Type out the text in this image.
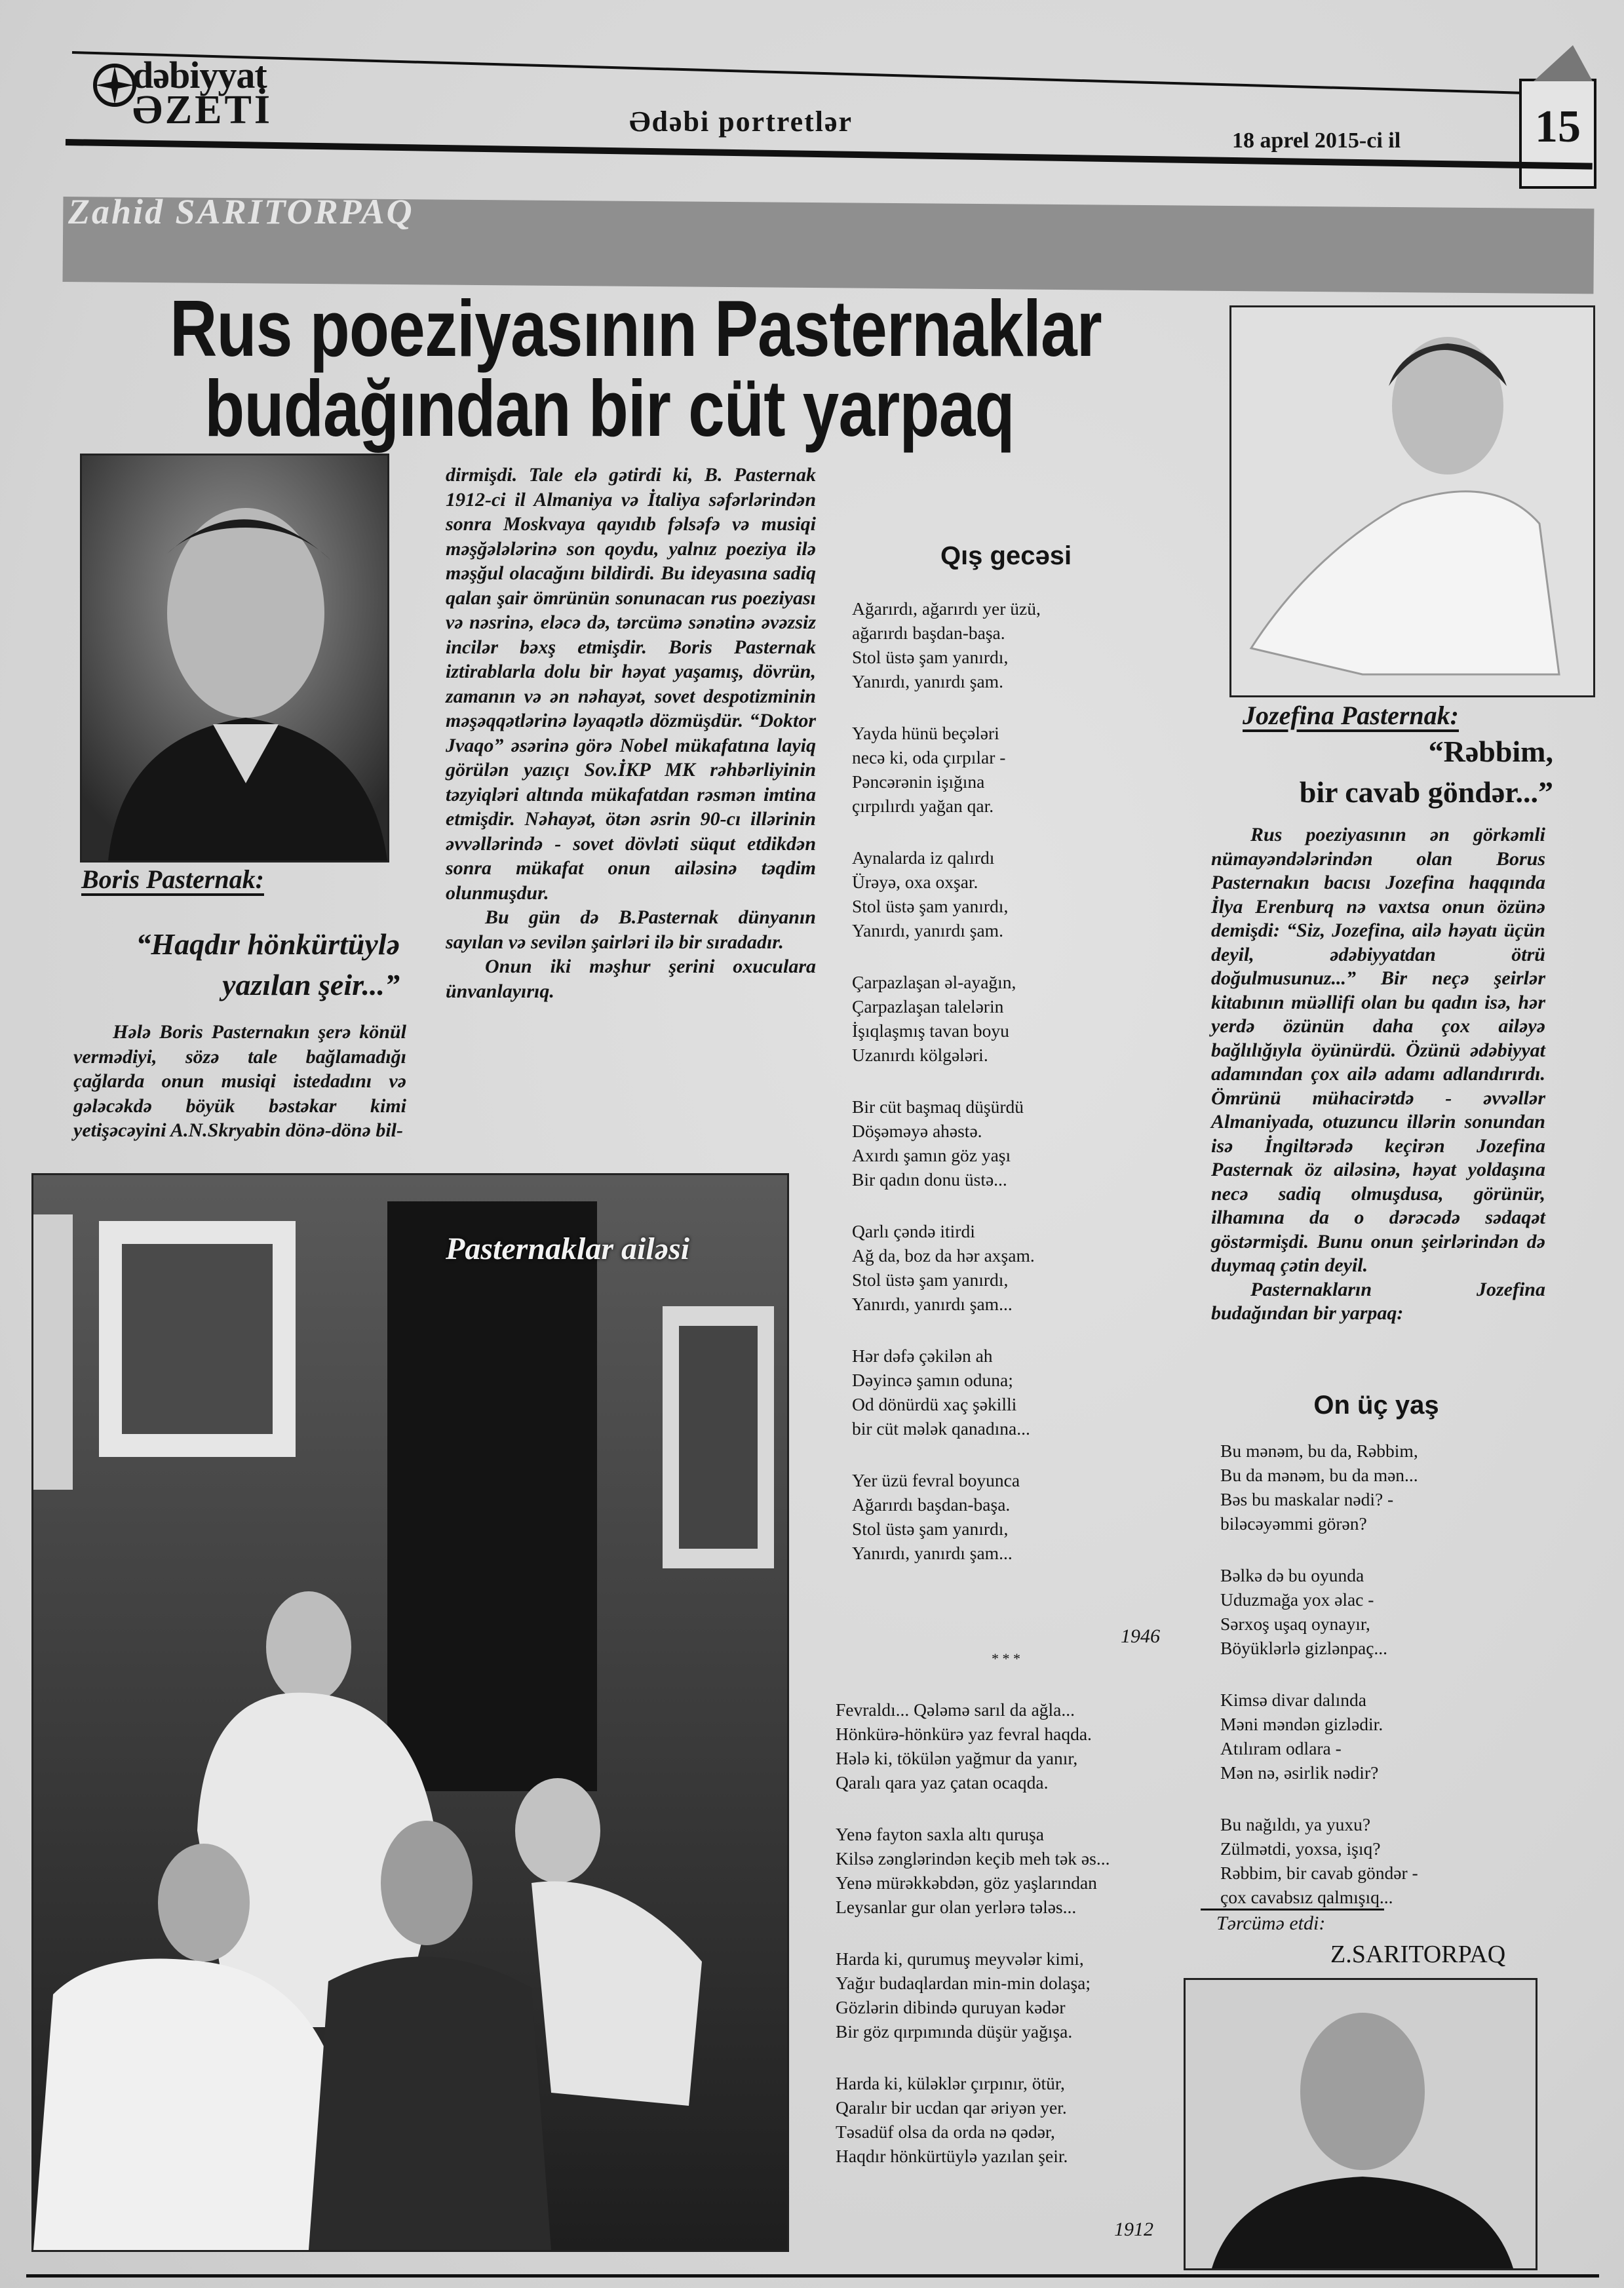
dəbiyyat
ƏZETİ	Ədəbi portretlər
18 aprel 2015-ci il	15
Zahid SARITORPAQ
Rus poeziyasının Pasternaklar
budağından bir cüt yarpaq
Boris Pasternak:
“Haqdır hönkürtüylə
yazılan şeir...”

Hələ Boris Pasternakın şerə könül vermədiyi, sözə tale bağlamadığı çağlarda onun musiqi istedadını və gələcəkdə böyük bəstəkar kimi yetişəcəyini A.N.Skryabin dönə-dönə bil-

dirmişdi. Tale elə gətirdi ki, B. Pasternak 1912-ci il Almaniya və İtaliya səfərlərindən sonra Moskvaya qayıdıb fəlsəfə və musiqi məşğələlərinə son qoydu, yalnız poeziya ilə məşğul olacağını bildirdi. Bu ideyasına sadiq qalan şair ömrünün sonunacan rus poeziyası və nəsrinə, eləcə də, tərcümə sənətinə əvəzsiz incilər bəxş etmişdir. Boris Pasternak iztirablarla dolu bir həyat yaşamış, dövrün, zamanın və ən nəhayət, sovet despotizminin məşəqqətlərinə ləyaqətlə dözmüşdür. “Doktor Jvaqo” əsərinə görə Nobel mükafatına layiq görülən yazıçı Sov.İKP MK rəhbərliyinin təzyiqləri altında mükafatdan rəsmən imtina etmişdir. Nəhayət, ötən əsrin 90-cı illərinin əvvəllərində - sovet dövləti süqut etdikdən sonra mükafat onun ailəsinə təqdim olunmuşdur.

Bu gün də B.Pasternak dünyanın sayılan və sevilən şairləri ilə bir sıradadır.

Onun iki məşhur şerini oxuculara ünvanlayırıq.

Pasternaklar ailəsi
Qış gecəsi
Ağarırdı, ağarırdı yer üzü,
ağarırdı başdan-başa.
Stol üstə şam yanırdı,
Yanırdı, yanırdı şam.
Yayda hünü beçələri
necə ki, oda çırpılar -
Pəncərənin işığına
çırpılırdı yağan qar.
Aynalarda iz qalırdı
Ürəyə, oxa oxşar.
Stol üstə şam yanırdı,
Yanırdı, yanırdı şam.
Çarpazlaşan əl-ayağın,
Çarpazlaşan talelərin
İşıqlaşmış tavan boyu
Uzanırdı kölgələri.
Bir cüt başmaq düşürdü
Döşəməyə ahəstə.
Axırdı şamın göz yaşı
Bir qadın donu üstə...
Qarlı çəndə itirdi
Ağ da, boz da hər axşam.
Stol üstə şam yanırdı,
Yanırdı, yanırdı şam...
Hər dəfə çəkilən ah
Dəyincə şamın oduna;
Od dönürdü xaç şəkilli
bir cüt mələk qanadına...
Yer üzü fevral boyunca
Ağarırdı başdan-başa.
Stol üstə şam yanırdı,
Yanırdı, yanırdı şam...
1946
* * *
Fevraldı... Qələmə sarıl da ağla...
Hönkürə-hönkürə yaz fevral haqda.
Hələ ki, tökülən yağmur da yanır,
Qaralı qara yaz çatan ocaqda.
Yenə fayton saxla altı quruşa
Kilsə zənglərindən keçib meh tək əs...
Yenə mürəkkəbdən, göz yaşlarından
Leysanlar gur olan yerlərə tələs...
Harda ki, qurumuş meyvələr kimi,
Yağır budaqlardan min-min dolaşa;
Gözlərin dibində quruyan kədər
Bir göz qırpımında düşür yağışa.
Harda ki, küləklər çırpınır, ötür,
Qaralır bir ucdan qar əriyən yer.
Təsadüf olsa da orda nə qədər,
Haqdır hönkürtüylə yazılan şeir.
1912
Jozefina Pasternak:
“Rəbbim,
bir cavab göndər...”

Rus poeziyasının ən görkəmli nümayəndələrindən olan Borus Pasternakın bacısı Jozefina haqqında İlya Erenburq nə vaxtsa onun özünə demişdi: “Siz, Jozefina, ailə həyatı üçün deyil, ədəbiyyatdan ötrü doğulmusunuz...” Bir neçə şeirlər kitabının müəllifi olan bu qadın isə, hər yerdə özünün daha çox ailəyə bağlılığıyla öyünürdü. Özünü ədəbiyyat adamından çox ailə adamı adlandırırdı. Ömrünü mühacirətdə - əvvəllər Almaniyada, otuzuncu illərin sonundan isə İngiltərədə keçirən Jozefina Pasternak öz ailəsinə, həyat yoldaşına necə sadiq olmuşdusa, görünür, ilhamına da o dərəcədə sədaqət göstərmişdi. Bunu onun şeirlərindən də duymaq çətin deyil.

Pasternakların Jozefina budağından bir yarpaq:

On üç yaş
Bu mənəm, bu da, Rəbbim,
Bu da mənəm, bu da mən...
Bəs bu maskalar nədi? -
biləcəyəmmi görən?
Bəlkə də bu oyunda
Uduzmağa yox əlac -
Sərxoş uşaq oynayır,
Böyüklərlə gizlənpaç...
Kimsə divar dalında
Məni məndən gizlədir.
Atılıram odlara -
Mən nə, əsirlik nədir?
Bu nağıldı, ya yuxu?
Zülmətdi, yoxsa, işıq?
Rəbbim, bir cavab göndər -
çox cavabsız qalmışıq...
Tərcümə etdi:
Z.SARITORPAQ
